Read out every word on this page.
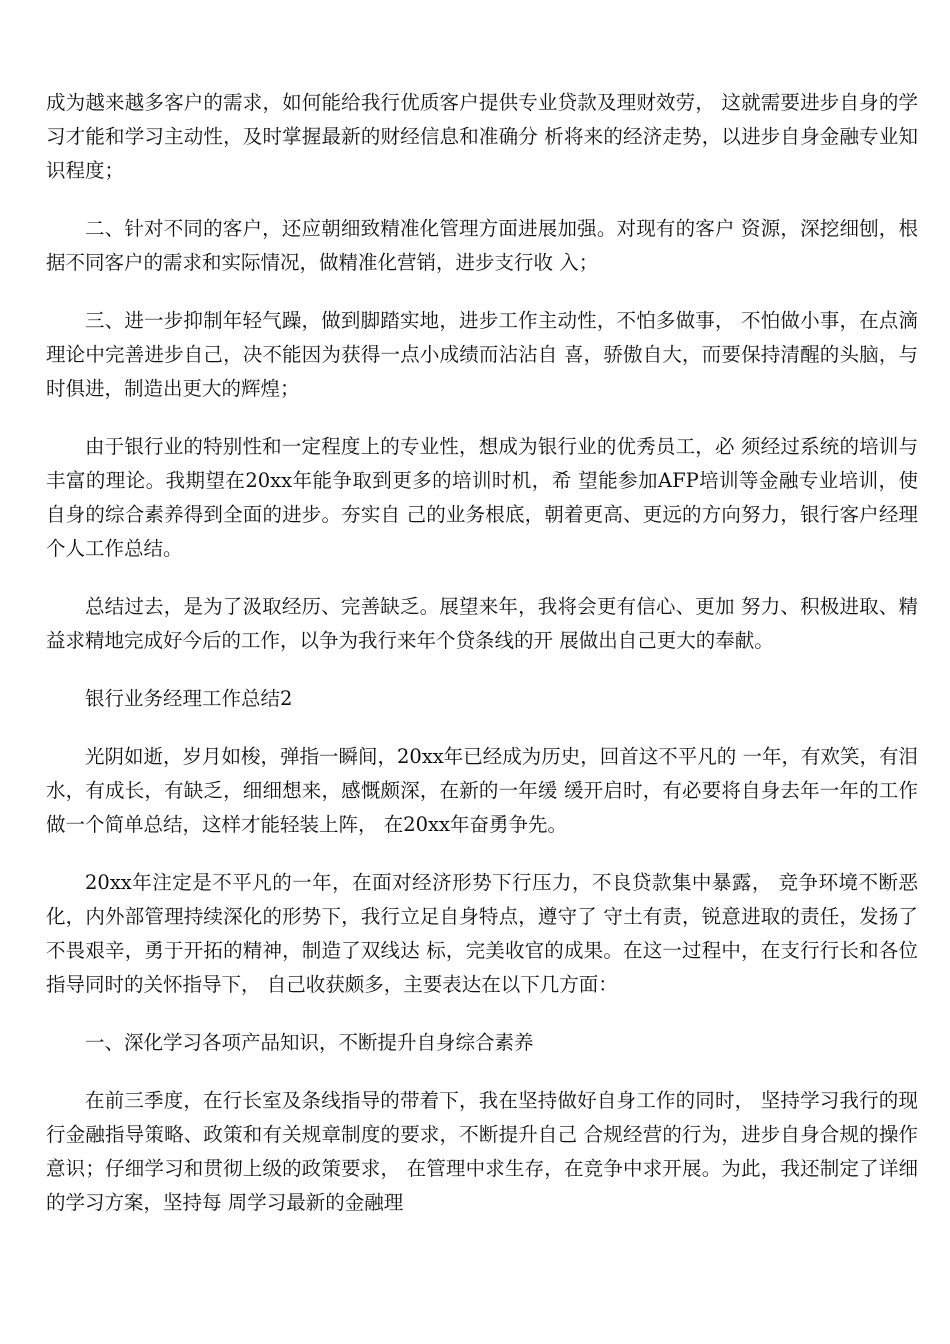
成为越来越多客户的需求，如何能给我行优质客户提供专业贷款及理财效劳， 这就需要进步自身的学习才能和学习主动性，及时掌握最新的财经信息和准确分 析将来的经济走势，以进步自身金融专业知识程度；

二、针对不同的客户，还应朝细致精准化管理方面进展加强。对现有的客户 资源，深挖细刨，根据不同客户的需求和实际情况，做精准化营销，进步支行收 入；

三、进一步抑制年轻气躁，做到脚踏实地，进步工作主动性，不怕多做事， 不怕做小事，在点滴理论中完善进步自己，决不能因为获得一点小成绩而沾沾自 喜，骄傲自大，而要保持清醒的头脑，与时俱进，制造出更大的辉煌；

由于银行业的特别性和一定程度上的专业性，想成为银行业的优秀员工，必 须经过系统的培训与丰富的理论。我期望在20xx年能争取到更多的培训时机，希 望能参加AFP培训等金融专业培训，使自身的综合素养得到全面的进步。夯实自 己的业务根底，朝着更高、更远的方向努力，银行客户经理个人工作总结。

总结过去，是为了汲取经历、完善缺乏。展望来年，我将会更有信心、更加 努力、积极进取、精益求精地完成好今后的工作，以争为我行来年个贷条线的开 展做出自己更大的奉献。

银行业务经理工作总结2

光阴如逝，岁月如梭，弹指一瞬间，20xx年已经成为历史，回首这不平凡的 一年，有欢笑，有泪水，有成长，有缺乏，细细想来，感慨颇深，在新的一年缓 缓开启时，有必要将自身去年一年的工作做一个简单总结，这样才能轻装上阵， 在20xx年奋勇争先。

20xx年注定是不平凡的一年，在面对经济形势下行压力，不良贷款集中暴露， 竞争环境不断恶化，内外部管理持续深化的形势下，我行立足自身特点，遵守了 守土有责，锐意进取的责任，发扬了不畏艰辛，勇于开拓的精神，制造了双线达 标，完美收官的成果。在这一过程中，在支行行长和各位指导同时的关怀指导下， 自己收获颇多，主要表达在以下几方面：

一、深化学习各项产品知识，不断提升自身综合素养

在前三季度，在行长室及条线指导的带着下，我在坚持做好自身工作的同时， 坚持学习我行的现行金融指导策略、政策和有关规章制度的要求，不断提升自己 合规经营的行为，进步自身合规的操作意识；仔细学习和贯彻上级的政策要求， 在管理中求生存，在竞争中求开展。为此，我还制定了详细的学习方案，坚持每 周学习最新的金融理
